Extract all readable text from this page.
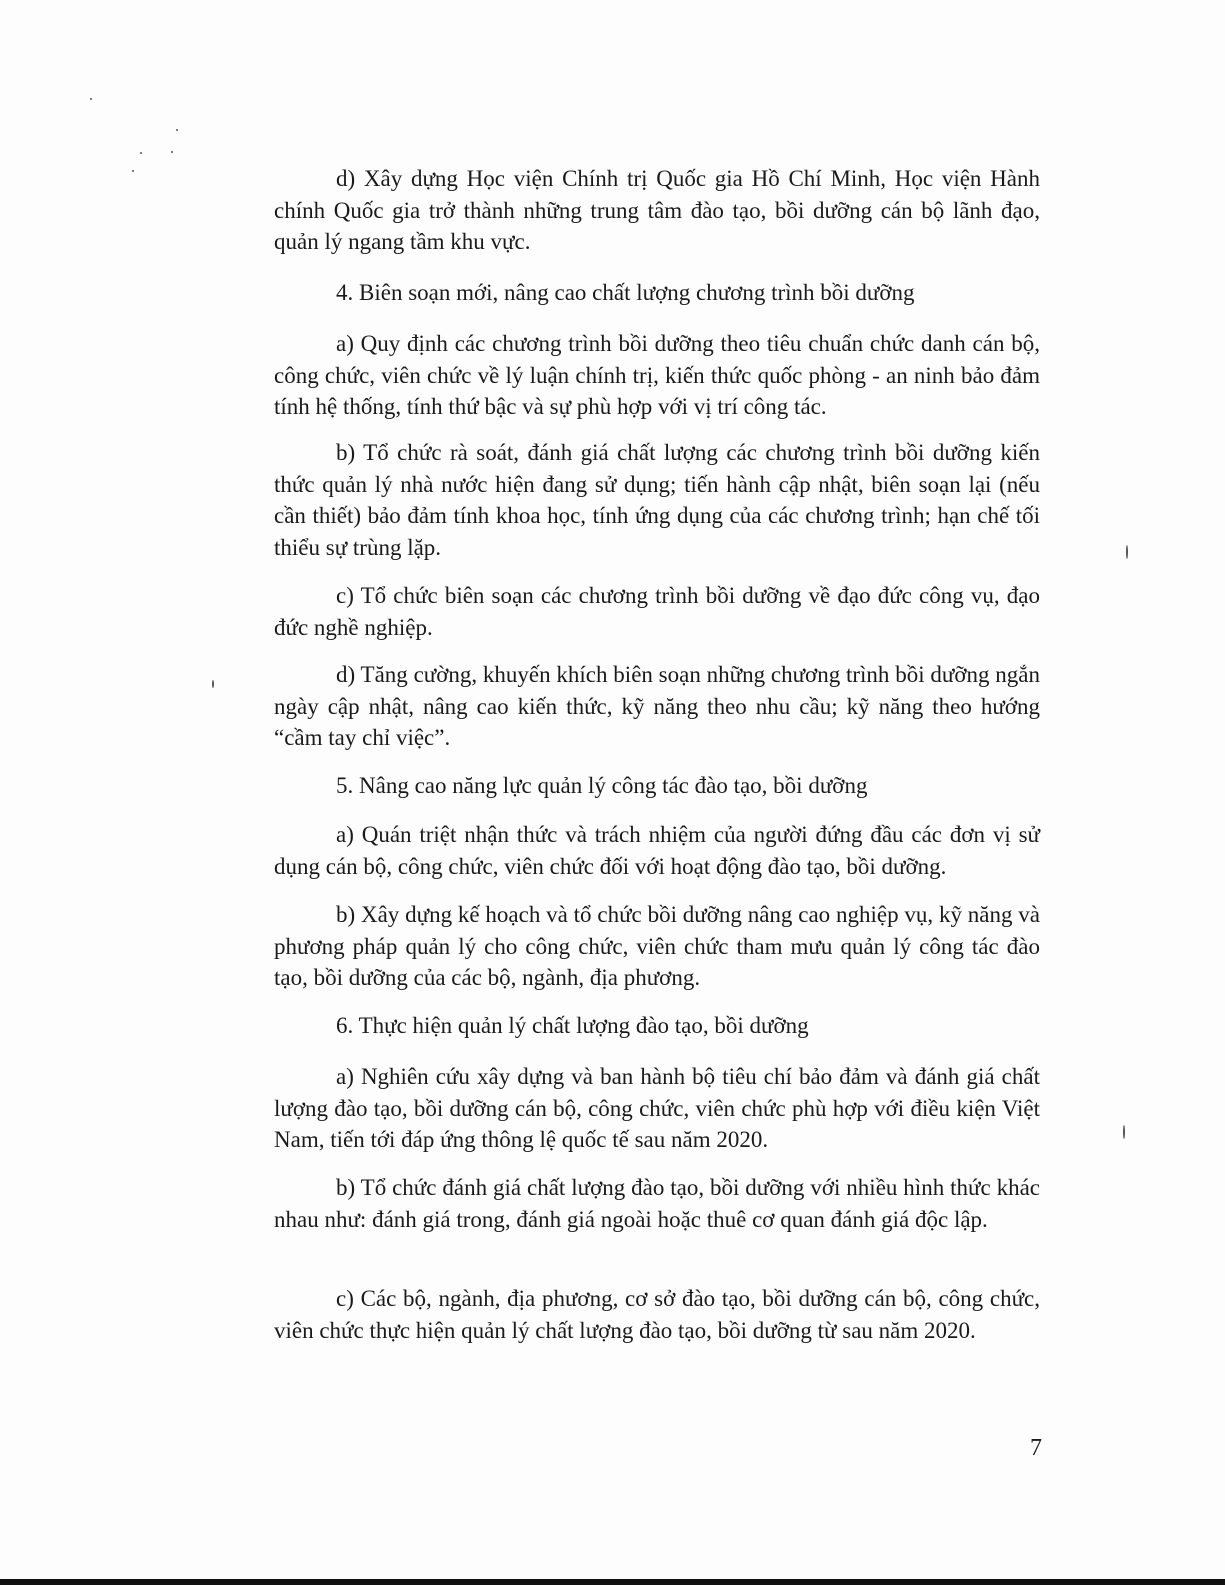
d) Xây dựng Học viện Chính trị Quốc gia Hồ Chí Minh, Học viện Hành chính Quốc gia trở thành những trung tâm đào tạo, bồi dưỡng cán bộ lãnh đạo, quản lý ngang tầm khu vực.

4. Biên soạn mới, nâng cao chất lượng chương trình bồi dưỡng

a) Quy định các chương trình bồi dưỡng theo tiêu chuẩn chức danh cán bộ, công chức, viên chức về lý luận chính trị, kiến thức quốc phòng - an ninh bảo đảm tính hệ thống, tính thứ bậc và sự phù hợp với vị trí công tác.

b) Tổ chức rà soát, đánh giá chất lượng các chương trình bồi dưỡng kiến thức quản lý nhà nước hiện đang sử dụng; tiến hành cập nhật, biên soạn lại (nếu cần thiết) bảo đảm tính khoa học, tính ứng dụng của các chương trình; hạn chế tối thiểu sự trùng lặp.

c) Tổ chức biên soạn các chương trình bồi dưỡng về đạo đức công vụ, đạo đức nghề nghiệp.

d) Tăng cường, khuyến khích biên soạn những chương trình bồi dưỡng ngắn ngày cập nhật, nâng cao kiến thức, kỹ năng theo nhu cầu; kỹ năng theo hướng “cầm tay chỉ việc”.

5. Nâng cao năng lực quản lý công tác đào tạo, bồi dưỡng

a) Quán triệt nhận thức và trách nhiệm của người đứng đầu các đơn vị sử dụng cán bộ, công chức, viên chức đối với hoạt động đào tạo, bồi dưỡng.

b) Xây dựng kế hoạch và tổ chức bồi dưỡng nâng cao nghiệp vụ, kỹ năng và phương pháp quản lý cho công chức, viên chức tham mưu quản lý công tác đào tạo, bồi dưỡng của các bộ, ngành, địa phương.

6. Thực hiện quản lý chất lượng đào tạo, bồi dưỡng

a) Nghiên cứu xây dựng và ban hành bộ tiêu chí bảo đảm và đánh giá chất lượng đào tạo, bồi dưỡng cán bộ, công chức, viên chức phù hợp với điều kiện Việt Nam, tiến tới đáp ứng thông lệ quốc tế sau năm 2020.

b) Tổ chức đánh giá chất lượng đào tạo, bồi dưỡng với nhiều hình thức khác nhau như: đánh giá trong, đánh giá ngoài hoặc thuê cơ quan đánh giá độc lập.

c) Các bộ, ngành, địa phương, cơ sở đào tạo, bồi dưỡng cán bộ, công chức, viên chức thực hiện quản lý chất lượng đào tạo, bồi dưỡng từ sau năm 2020.

7
